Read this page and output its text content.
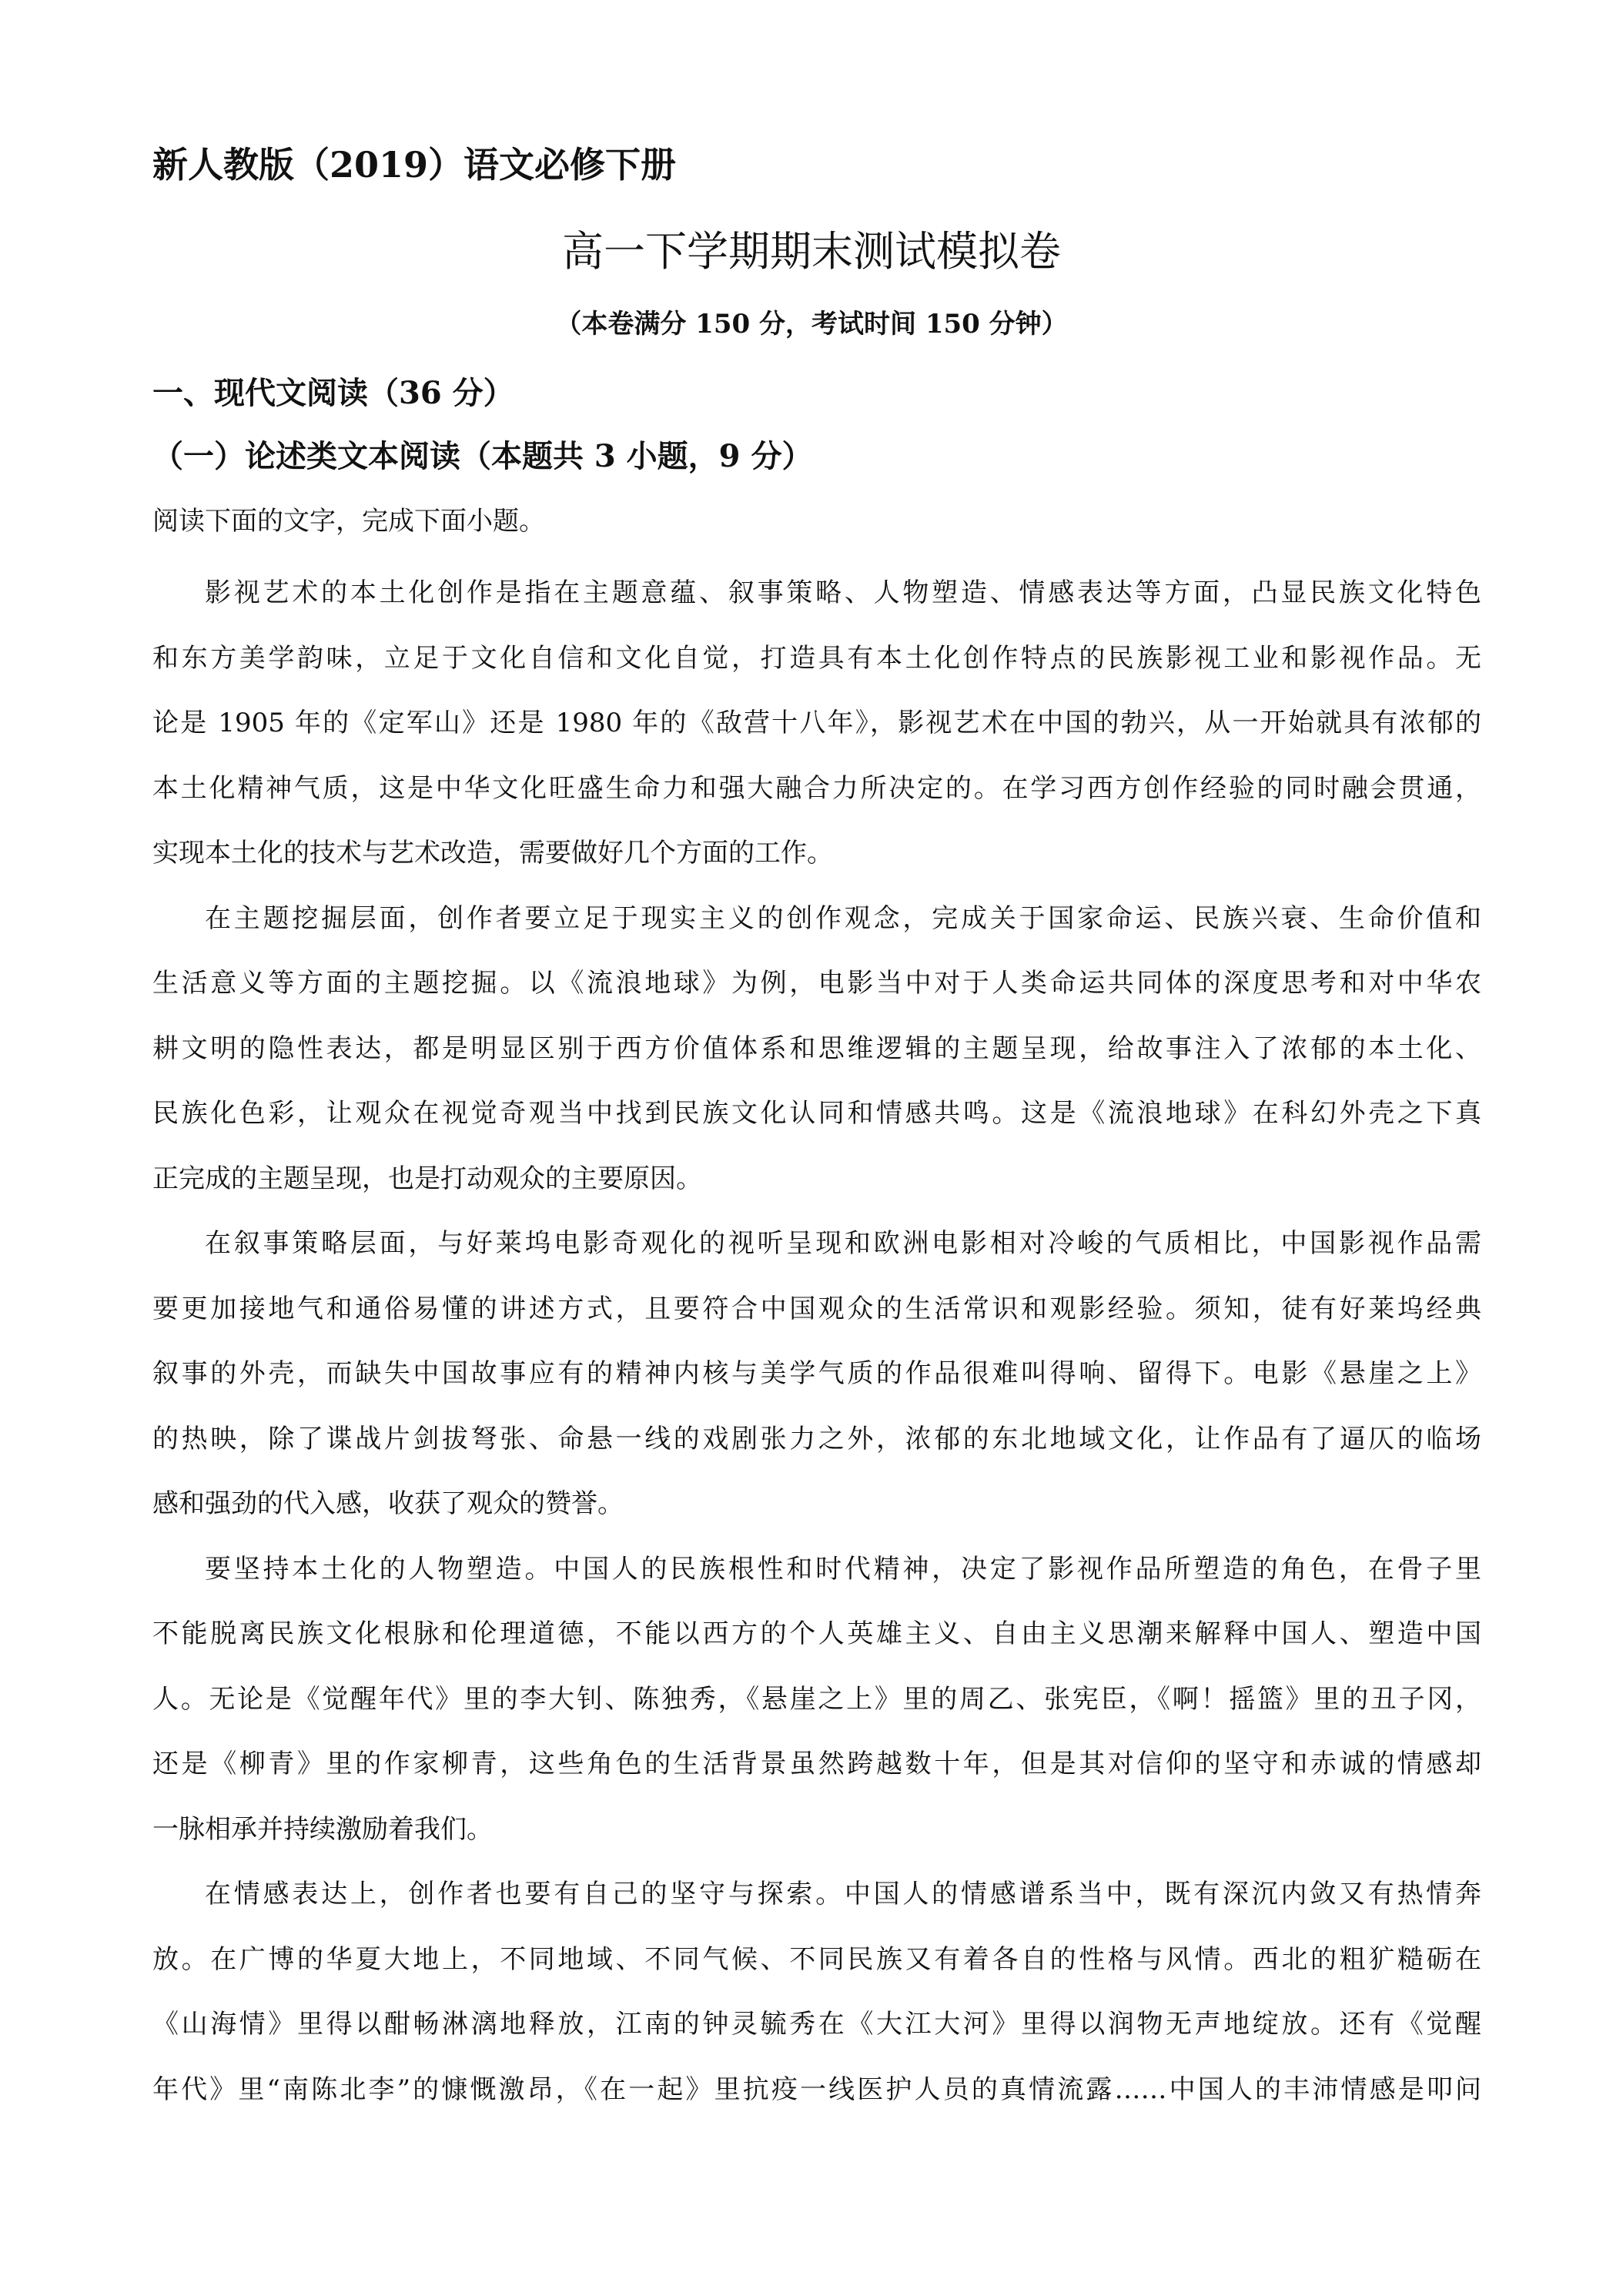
新人教版（2019）语文必修下册
高一下学期期末测试模拟卷
（本卷满分 150 分，考试时间 150 分钟）
一、现代文阅读（36 分）
（一）论述类文本阅读（本题共 3 小题，9 分）
阅读下面的文字，完成下面小题。
影视艺术的本土化创作是指在主题意蕴、叙事策略、人物塑造、情感表达等方面，凸显民族文化特色
和东方美学韵味，立足于文化自信和文化自觉，打造具有本土化创作特点的民族影视工业和影视作品。无
论是 1905 年的《定军山》还是 1980 年的《敌营十八年》，影视艺术在中国的勃兴，从一开始就具有浓郁的
本土化精神气质，这是中华文化旺盛生命力和强大融合力所决定的。在学习西方创作经验的同时融会贯通，
实现本土化的技术与艺术改造，需要做好几个方面的工作。
在主题挖掘层面，创作者要立足于现实主义的创作观念，完成关于国家命运、民族兴衰、生命价值和
生活意义等方面的主题挖掘。以《流浪地球》为例，电影当中对于人类命运共同体的深度思考和对中华农
耕文明的隐性表达，都是明显区别于西方价值体系和思维逻辑的主题呈现，给故事注入了浓郁的本土化、
民族化色彩，让观众在视觉奇观当中找到民族文化认同和情感共鸣。这是《流浪地球》在科幻外壳之下真
正完成的主题呈现，也是打动观众的主要原因。
在叙事策略层面，与好莱坞电影奇观化的视听呈现和欧洲电影相对冷峻的气质相比，中国影视作品需
要更加接地气和通俗易懂的讲述方式，且要符合中国观众的生活常识和观影经验。须知，徒有好莱坞经典
叙事的外壳，而缺失中国故事应有的精神内核与美学气质的作品很难叫得响、留得下。电影《悬崖之上》
的热映，除了谍战片剑拔弩张、命悬一线的戏剧张力之外，浓郁的东北地域文化，让作品有了逼仄的临场
感和强劲的代入感，收获了观众的赞誉。
要坚持本土化的人物塑造。中国人的民族根性和时代精神，决定了影视作品所塑造的角色，在骨子里
不能脱离民族文化根脉和伦理道德，不能以西方的个人英雄主义、自由主义思潮来解释中国人、塑造中国
人。无论是《觉醒年代》里的李大钊、陈独秀，《悬崖之上》里的周乙、张宪臣，《啊！摇篮》里的丑子冈，
还是《柳青》里的作家柳青，这些角色的生活背景虽然跨越数十年，但是其对信仰的坚守和赤诚的情感却
一脉相承并持续激励着我们。
在情感表达上，创作者也要有自己的坚守与探索。中国人的情感谱系当中，既有深沉内敛又有热情奔
放。在广博的华夏大地上，不同地域、不同气候、不同民族又有着各自的性格与风情。西北的粗犷糙砺在
《山海情》里得以酣畅淋漓地释放，江南的钟灵毓秀在《大江大河》里得以润物无声地绽放。还有《觉醒
年代》里“南陈北李”的慷慨激昂，《在一起》里抗疫一线医护人员的真情流露……中国人的丰沛情感是叩问
